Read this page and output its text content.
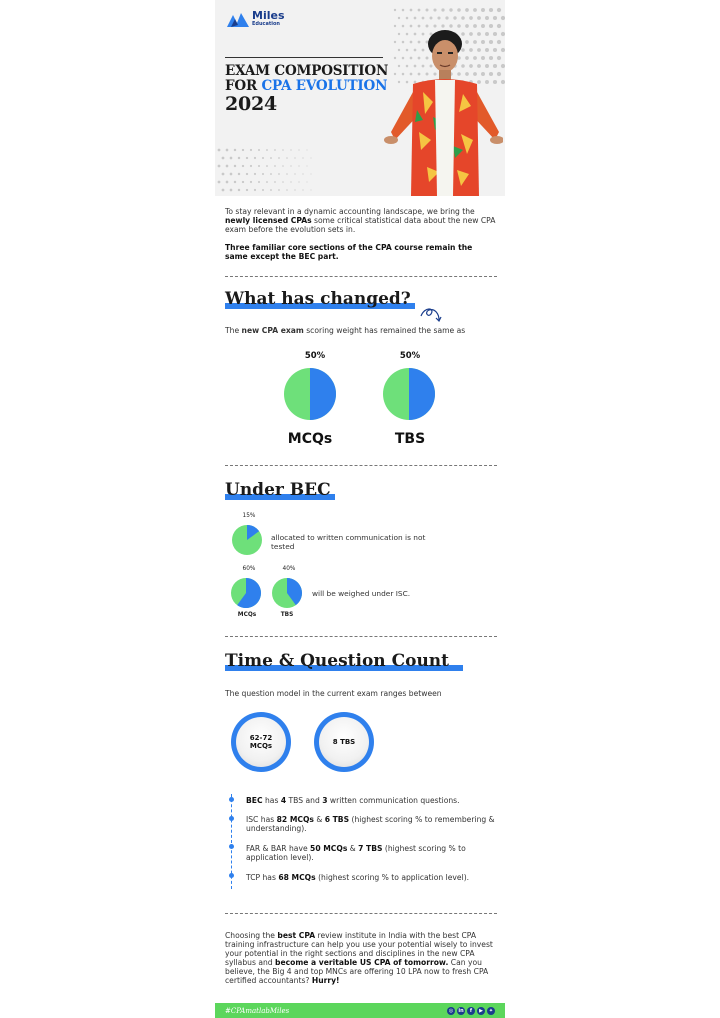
Miles
Education
EXAM COMPOSITION
FOR CPA EVOLUTION
2024
To stay relevant in a dynamic accounting landscape, we bring the newly licensed CPAs some critical statistical data about the new CPA exam before the evolution sets in.
Three familiar core sections of the CPA course remain the same except the BEC part.
What has changed?
The new CPA exam scoring weight has remained the same as
50%	50%
MCQs	TBS
Under BEC
15%
allocated to written communication is not tested
60%	40%
will be weighed under ISC.
MCQs	TBS
Time & Question Count
The question model in the current exam ranges between
62-72
MCQs	8 TBS
BEC has 4 TBS and 3 written communication questions.
ISC has 82 MCQs & 6 TBS (highest scoring % to remembering & understanding).
FAR & BAR have 50 MCQs & 7 TBS (highest scoring % to application level).
TCP has 68 MCQs (highest scoring % to application level).
Choosing the best CPA review institute in India with the best CPA training infrastructure can help you use your potential wisely to invest your potential in the right sections and disciplines in the new CPA syllabus and become a veritable US CPA of tomorrow. Can you believe, the Big 4 and top MNCs are offering 10 LPA now to fresh CPA certified accountants? Hurry!
#CPAmatlabMiles	◎	in	f	▶	✦
